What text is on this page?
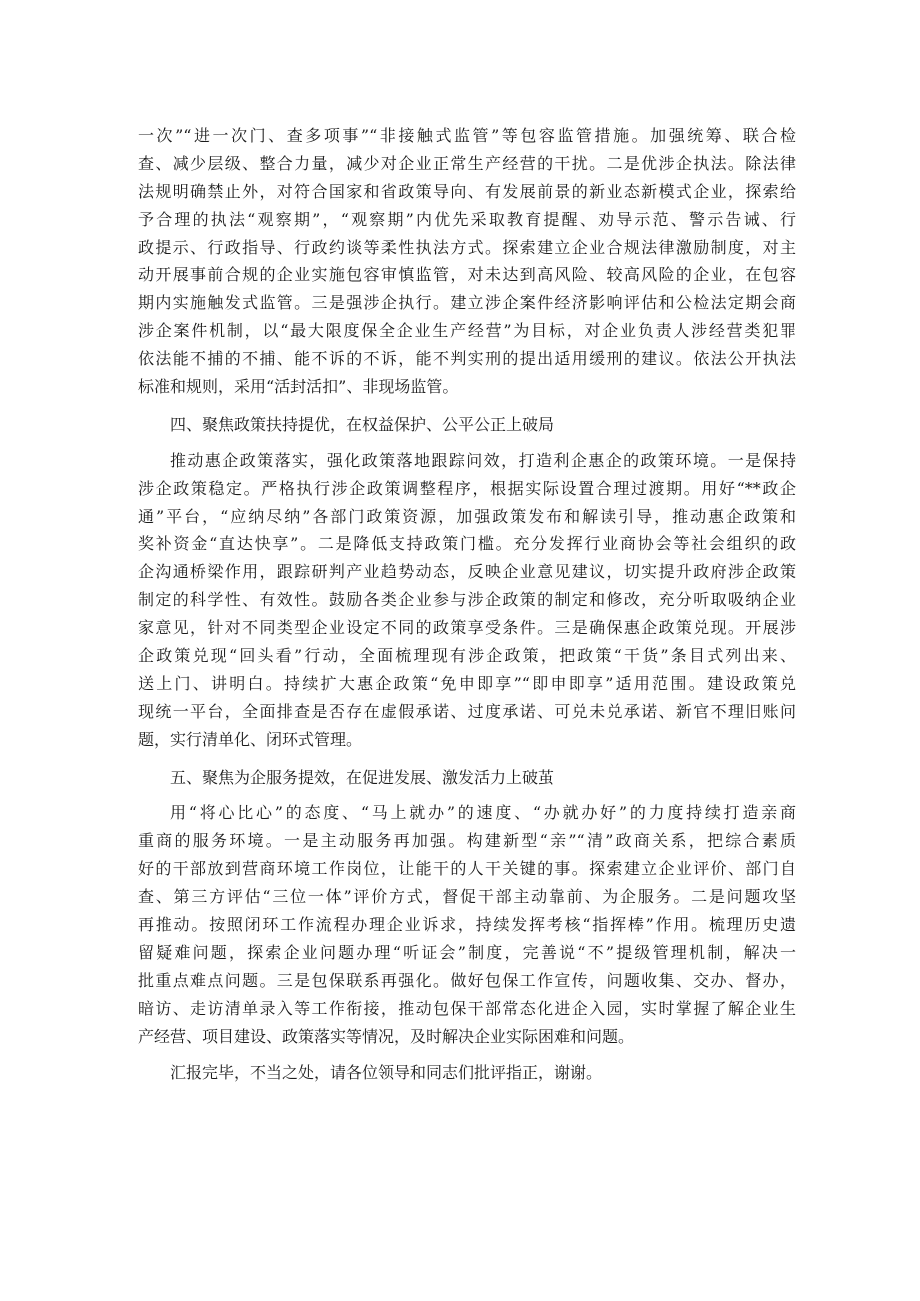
一次”“进一次门、查多项事”“非接触式监管”等包容监管措施。加强统筹、联合检
查、减少层级、整合力量，减少对企业正常生产经营的干扰。二是优涉企执法。除法律
法规明确禁止外，对符合国家和省政策导向、有发展前景的新业态新模式企业，探索给
予合理的执法“观察期”，“观察期”内优先采取教育提醒、劝导示范、警示告诫、行
政提示、行政指导、行政约谈等柔性执法方式。探索建立企业合规法律激励制度，对主
动开展事前合规的企业实施包容审慎监管，对未达到高风险、较高风险的企业，在包容
期内实施触发式监管。三是强涉企执行。建立涉企案件经济影响评估和公检法定期会商
涉企案件机制，以“最大限度保全企业生产经营”为目标，对企业负责人涉经营类犯罪
依法能不捕的不捕、能不诉的不诉，能不判实刑的提出适用缓刑的建议。依法公开执法
标准和规则，采用“活封活扣”、非现场监管。
四、聚焦政策扶持提优，在权益保护、公平公正上破局
推动惠企政策落实，强化政策落地跟踪问效，打造利企惠企的政策环境。一是保持
涉企政策稳定。严格执行涉企政策调整程序，根据实际设置合理过渡期。用好“**政企
通”平台，“应纳尽纳”各部门政策资源，加强政策发布和解读引导，推动惠企政策和
奖补资金“直达快享”。二是降低支持政策门槛。充分发挥行业商协会等社会组织的政
企沟通桥梁作用，跟踪研判产业趋势动态，反映企业意见建议，切实提升政府涉企政策
制定的科学性、有效性。鼓励各类企业参与涉企政策的制定和修改，充分听取吸纳企业
家意见，针对不同类型企业设定不同的政策享受条件。三是确保惠企政策兑现。开展涉
企政策兑现“回头看”行动，全面梳理现有涉企政策，把政策“干货”条目式列出来、
送上门、讲明白。持续扩大惠企政策“免申即享”“即申即享”适用范围。建设政策兑
现统一平台，全面排查是否存在虚假承诺、过度承诺、可兑未兑承诺、新官不理旧账问
题，实行清单化、闭环式管理。
五、聚焦为企服务提效，在促进发展、激发活力上破茧
用“将心比心”的态度、“马上就办”的速度、“办就办好”的力度持续打造亲商
重商的服务环境。一是主动服务再加强。构建新型“亲”“清”政商关系，把综合素质
好的干部放到营商环境工作岗位，让能干的人干关键的事。探索建立企业评价、部门自
查、第三方评估“三位一体”评价方式，督促干部主动靠前、为企服务。二是问题攻坚
再推动。按照闭环工作流程办理企业诉求，持续发挥考核“指挥棒”作用。梳理历史遗
留疑难问题，探索企业问题办理“听证会”制度，完善说“不”提级管理机制，解决一
批重点难点问题。三是包保联系再强化。做好包保工作宣传，问题收集、交办、督办，
暗访、走访清单录入等工作衔接，推动包保干部常态化进企入园，实时掌握了解企业生
产经营、项目建设、政策落实等情况，及时解决企业实际困难和问题。
汇报完毕，不当之处，请各位领导和同志们批评指正，谢谢。
